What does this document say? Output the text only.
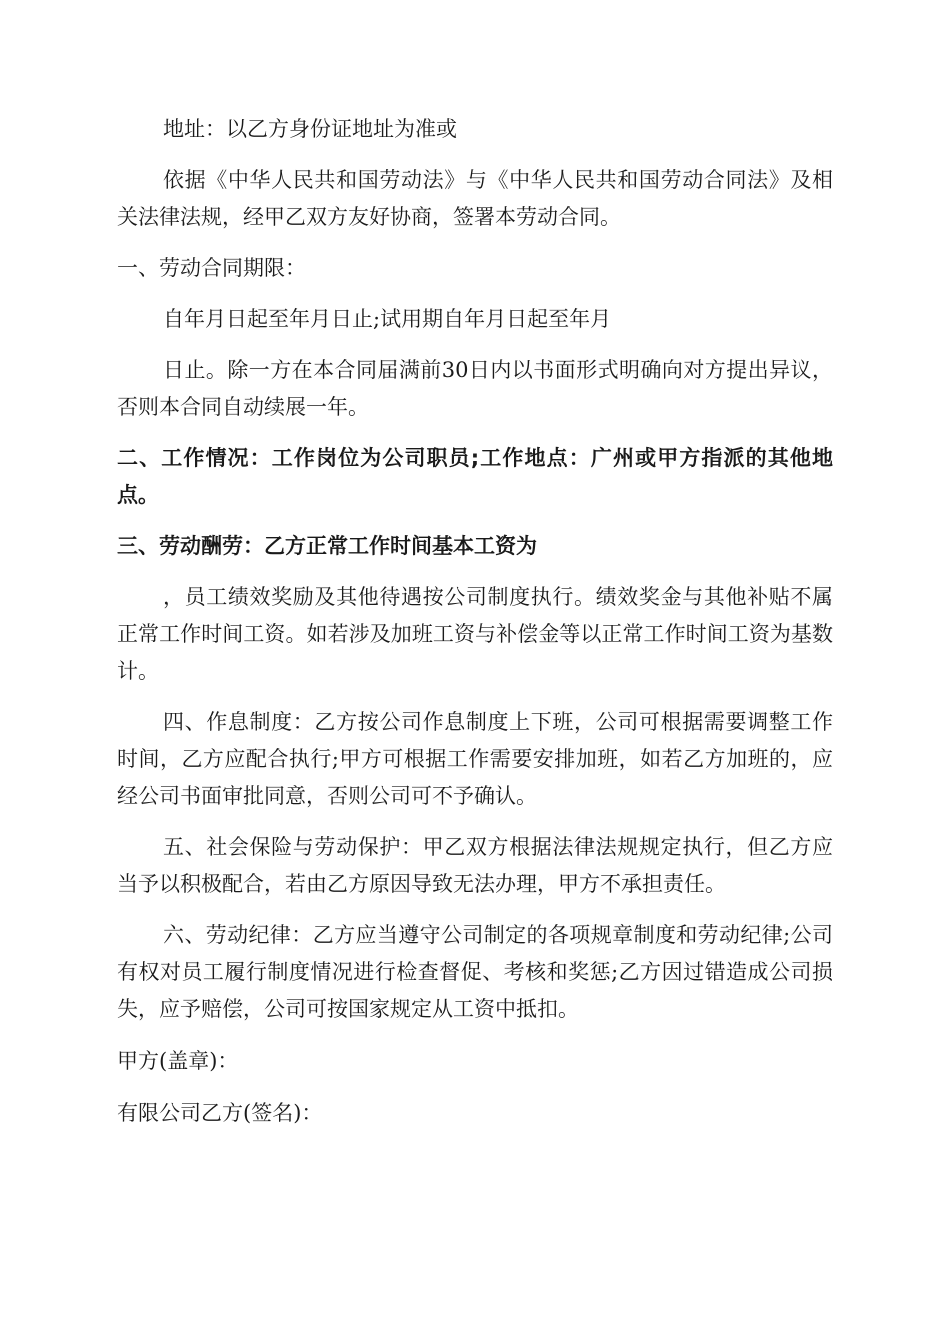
地址：以乙方身份证地址为准或

依据《中华人民共和国劳动法》与《中华人民共和国劳动合同法》及相关法律法规，经甲乙双方友好协商，签署本劳动合同。

一、劳动合同期限：

自年月日起至年月日止;试用期自年月日起至年月

日止。除一方在本合同届满前30日内以书面形式明确向对方提出异议，否则本合同自动续展一年。

二、工作情况：工作岗位为公司职员;工作地点：广州或甲方指派的其他地点。

三、劳动酬劳：乙方正常工作时间基本工资为

，员工绩效奖励及其他待遇按公司制度执行。绩效奖金与其他补贴不属正常工作时间工资。如若涉及加班工资与补偿金等以正常工作时间工资为基数计。

四、作息制度：乙方按公司作息制度上下班，公司可根据需要调整工作时间，乙方应配合执行;甲方可根据工作需要安排加班，如若乙方加班的，应经公司书面审批同意，否则公司可不予确认。

五、社会保险与劳动保护：甲乙双方根据法律法规规定执行，但乙方应当予以积极配合，若由乙方原因导致无法办理，甲方不承担责任。

六、劳动纪律：乙方应当遵守公司制定的各项规章制度和劳动纪律;公司有权对员工履行制度情况进行检查督促、考核和奖惩;乙方因过错造成公司损失，应予赔偿，公司可按国家规定从工资中抵扣。

甲方(盖章)：

有限公司乙方(签名)：
